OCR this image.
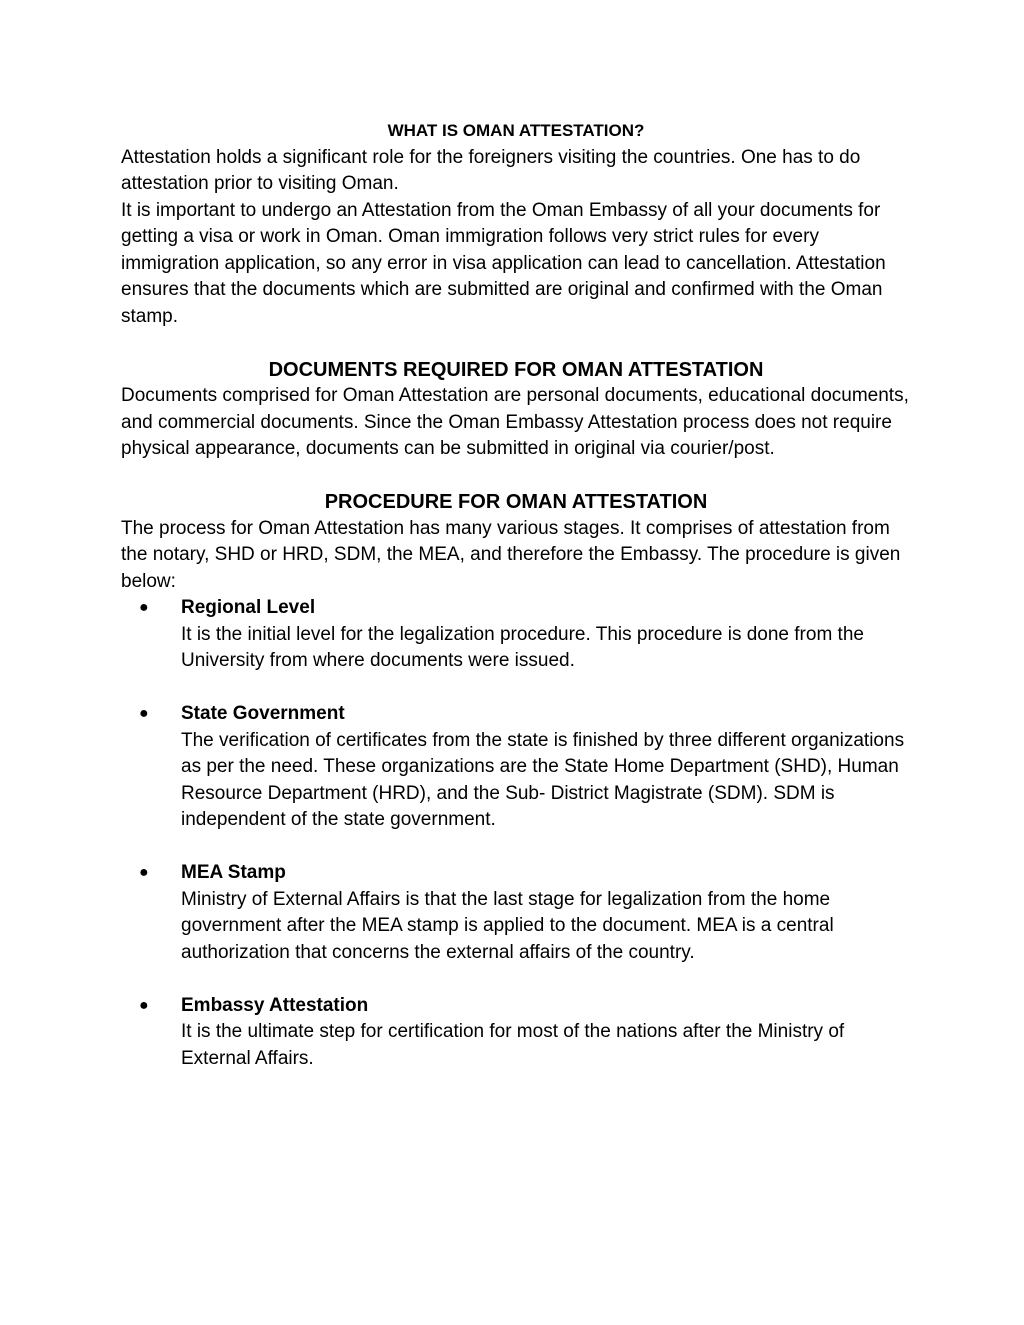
WHAT IS OMAN ATTESTATION?

Attestation holds a significant role for the foreigners visiting the countries. One has to do attestation prior to visiting Oman.

It is important to undergo an Attestation from the Oman Embassy of all your documents for getting a visa or work in Oman. Oman immigration follows very strict rules for every immigration application, so any error in visa application can lead to cancellation. Attestation ensures that the documents which are submitted are original and confirmed with the Oman stamp.

DOCUMENTS REQUIRED FOR OMAN ATTESTATION

Documents comprised for Oman Attestation are personal documents, educational documents, and commercial documents. Since the Oman Embassy Attestation process does not require physical appearance, documents can be submitted in original via courier/post.

PROCEDURE FOR OMAN ATTESTATION

The process for Oman Attestation has many various stages. It comprises of attestation from the notary, SHD or HRD, SDM, the MEA, and therefore the Embassy. The procedure is given below:

● Regional Level
It is the initial level for the legalization procedure. This procedure is done from the University from where documents were issued.
● State Government
The verification of certificates from the state is finished by three different organizations as per the need. These organizations are the State Home Department (SHD), Human Resource Department (HRD), and the Sub- District Magistrate (SDM). SDM is independent of the state government.
● MEA Stamp
Ministry of External Affairs is that the last stage for legalization from the home government after the MEA stamp is applied to the document. MEA is a central authorization that concerns the external affairs of the country.
● Embassy Attestation
It is the ultimate step for certification for most of the nations after the Ministry of External Affairs.
